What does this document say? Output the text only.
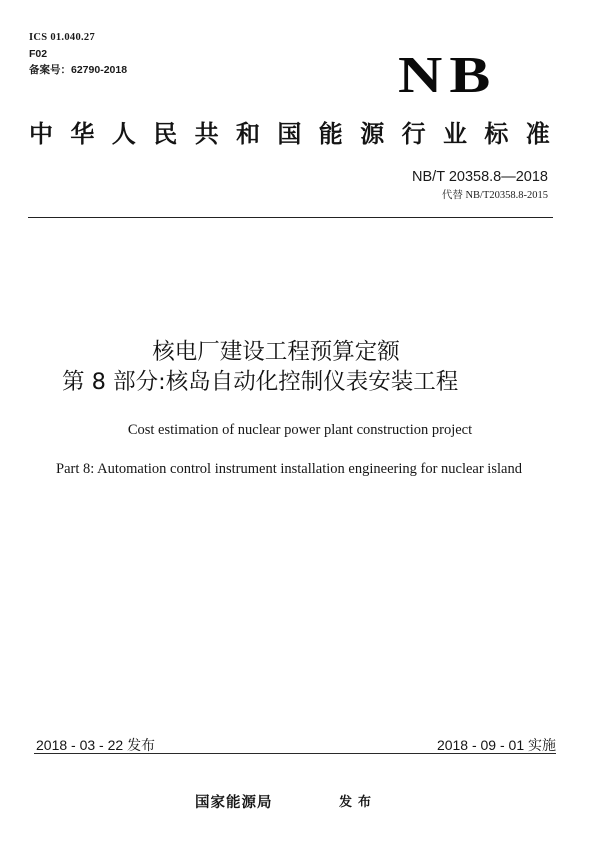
ICS 01.040.27
F02
备案号：62790-2018	NB
中华人民共和国能源行业标准
NB/T 20358.8—2018
代替 NB/T20358.8-2015
核电厂建设工程预算定额
第 8 部分:核岛自动化控制仪表安装工程
Cost estimation of nuclear power plant construction project
Part 8: Automation control instrument installation engineering for nuclear island
2018 - 03 - 22 发布	2018 - 09 - 01 实施
国家能源局	发布
